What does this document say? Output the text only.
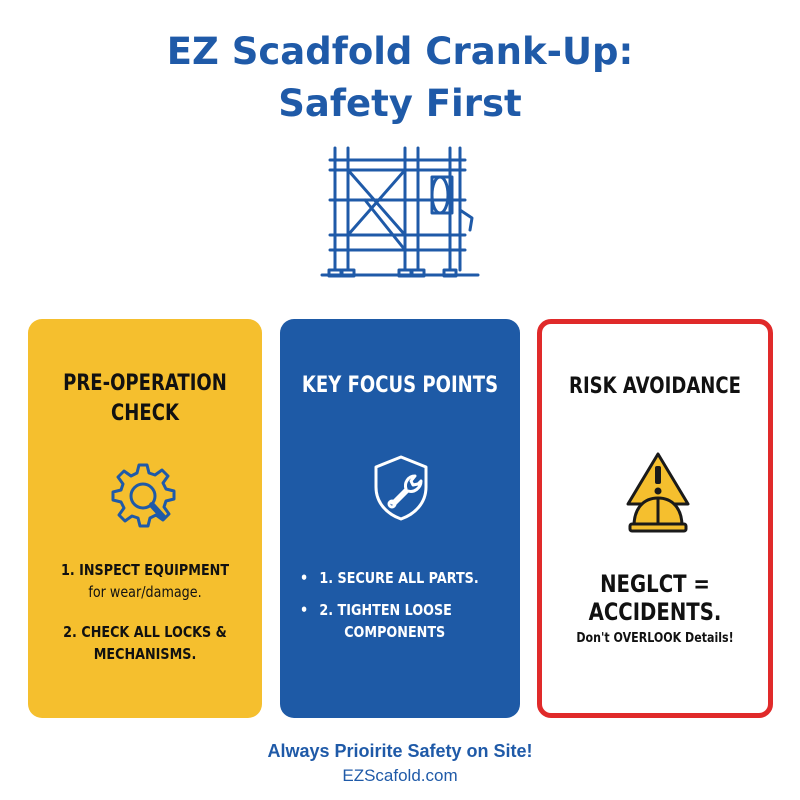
EZ Scadfold Crank-Up:
Safety First
PRE-OPERATION
CHECK
1. INSPECT EQUIPMENT
for wear/damage.
2. CHECK ALL LOCKS &
MECHANISMS.
KEY FOCUS POINTS
• 1. SECURE ALL PARTS.
• 2. TIGHTEN LOOSE
COMPONENTS
RISK AVOIDANCE
NEGLCT =
ACCIDENTS.
Don't OVERLOOK Details!
Always Prioirite Safety on Site!
EZScafold.com
